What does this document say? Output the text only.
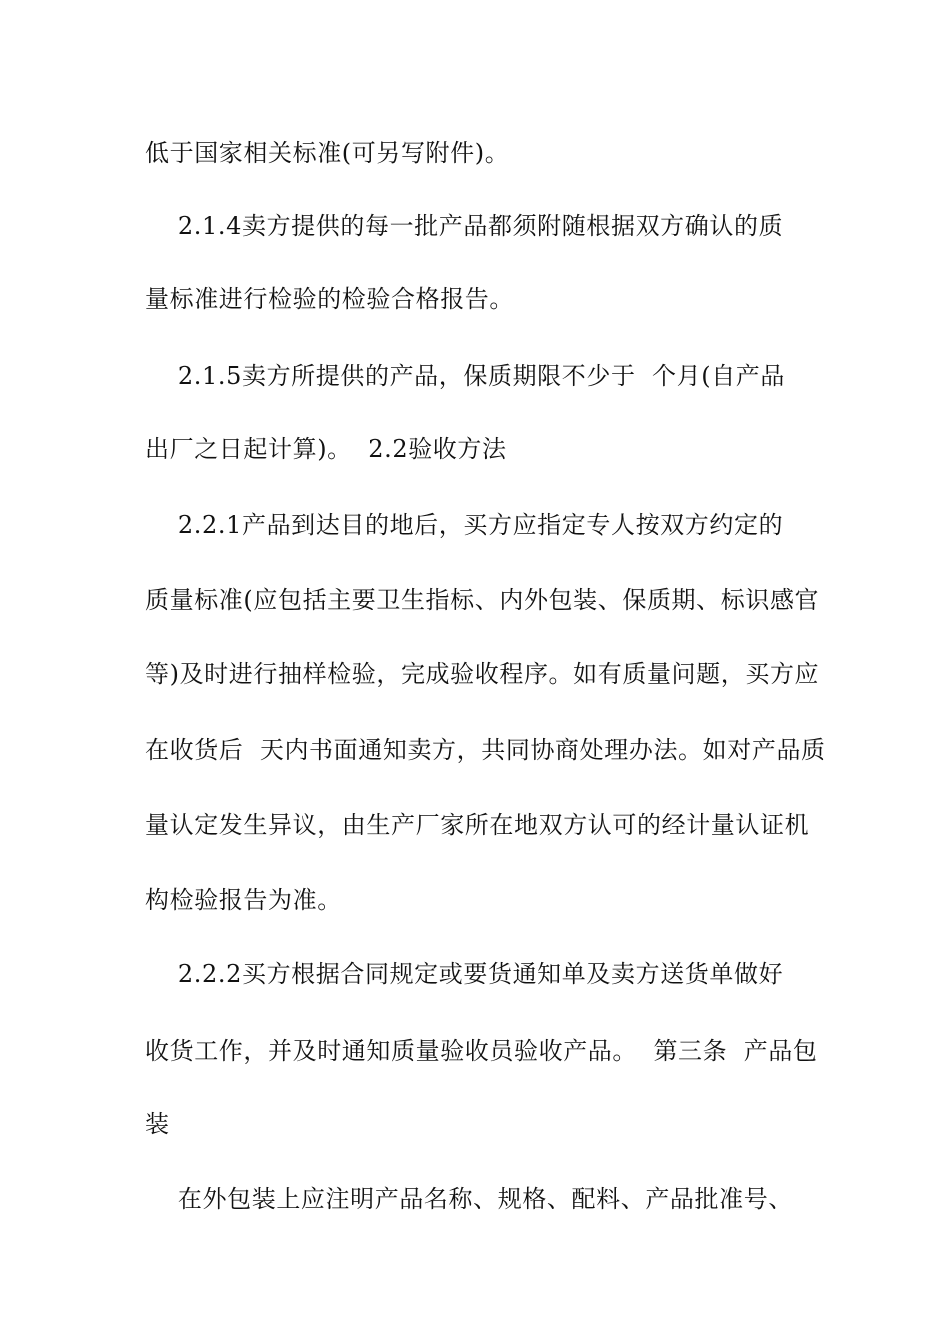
低于国家相关标准(可另写附件)。
2.1.4卖方提供的每一批产品都须附随根据双方确认的质
量标准进行检验的检验合格报告。
2.1.5卖方所提供的产品，保质期限不少于  个月(自产品
出厂之日起计算)。  2.2验收方法
2.2.1产品到达目的地后，买方应指定专人按双方约定的
质量标准(应包括主要卫生指标、内外包装、保质期、标识感官
等)及时进行抽样检验，完成验收程序。如有质量问题，买方应
在收货后  天内书面通知卖方，共同协商处理办法。如对产品质
量认定发生异议，由生产厂家所在地双方认可的经计量认证机
构检验报告为准。
2.2.2买方根据合同规定或要货通知单及卖方送货单做好
收货工作，并及时通知质量验收员验收产品。  第三条  产品包
装
在外包装上应注明产品名称、规格、配料、产品批准号、
